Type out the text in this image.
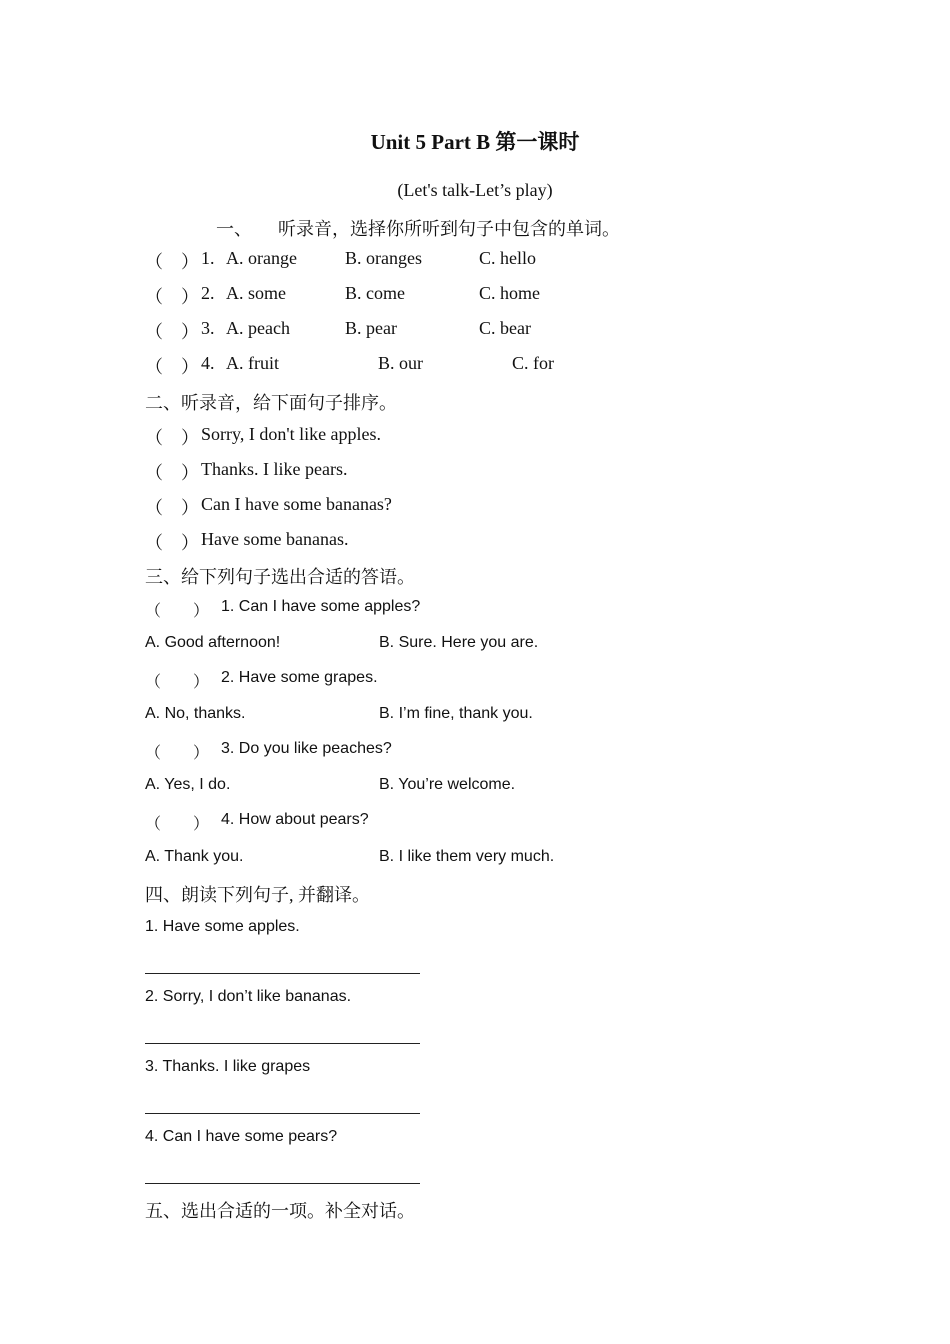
Unit 5 Part B 第一课时
(Let's talk-Let’s play)
一、 听录音，选择你所听到句子中包含的单词。
（　） 1. A. orange	B. oranges	C. hello
（　） 2. A. some	B. come	C. home
（　） 3. A. peach	B. pear	C. bear
（　） 4. A. fruit	B. our	C. for
二、听录音，给下面句子排序。
（　） Sorry, I don't like apples.
（　） Thanks. I like pears.
（　） Can I have some bananas?
（　） Have some bananas.
三、给下列句子选出合适的答语。
（　　） 1. Can I have some apples?
A. Good afternoon!	B. Sure. Here you are.
（　　） 2. Have some grapes.
A. No, thanks.	B. I’m fine, thank you.
（　　） 3. Do you like peaches?
A. Yes, I do.	B. You’re welcome.
（　　） 4. How about pears?
A. Thank you.	B. I like them very much.
四、朗读下列句子, 并翻译。
1. Have some apples.
2. Sorry, I don’t like bananas.
3. Thanks. I like grapes
4. Can I have some pears?
五、选出合适的一项。补全对话。
